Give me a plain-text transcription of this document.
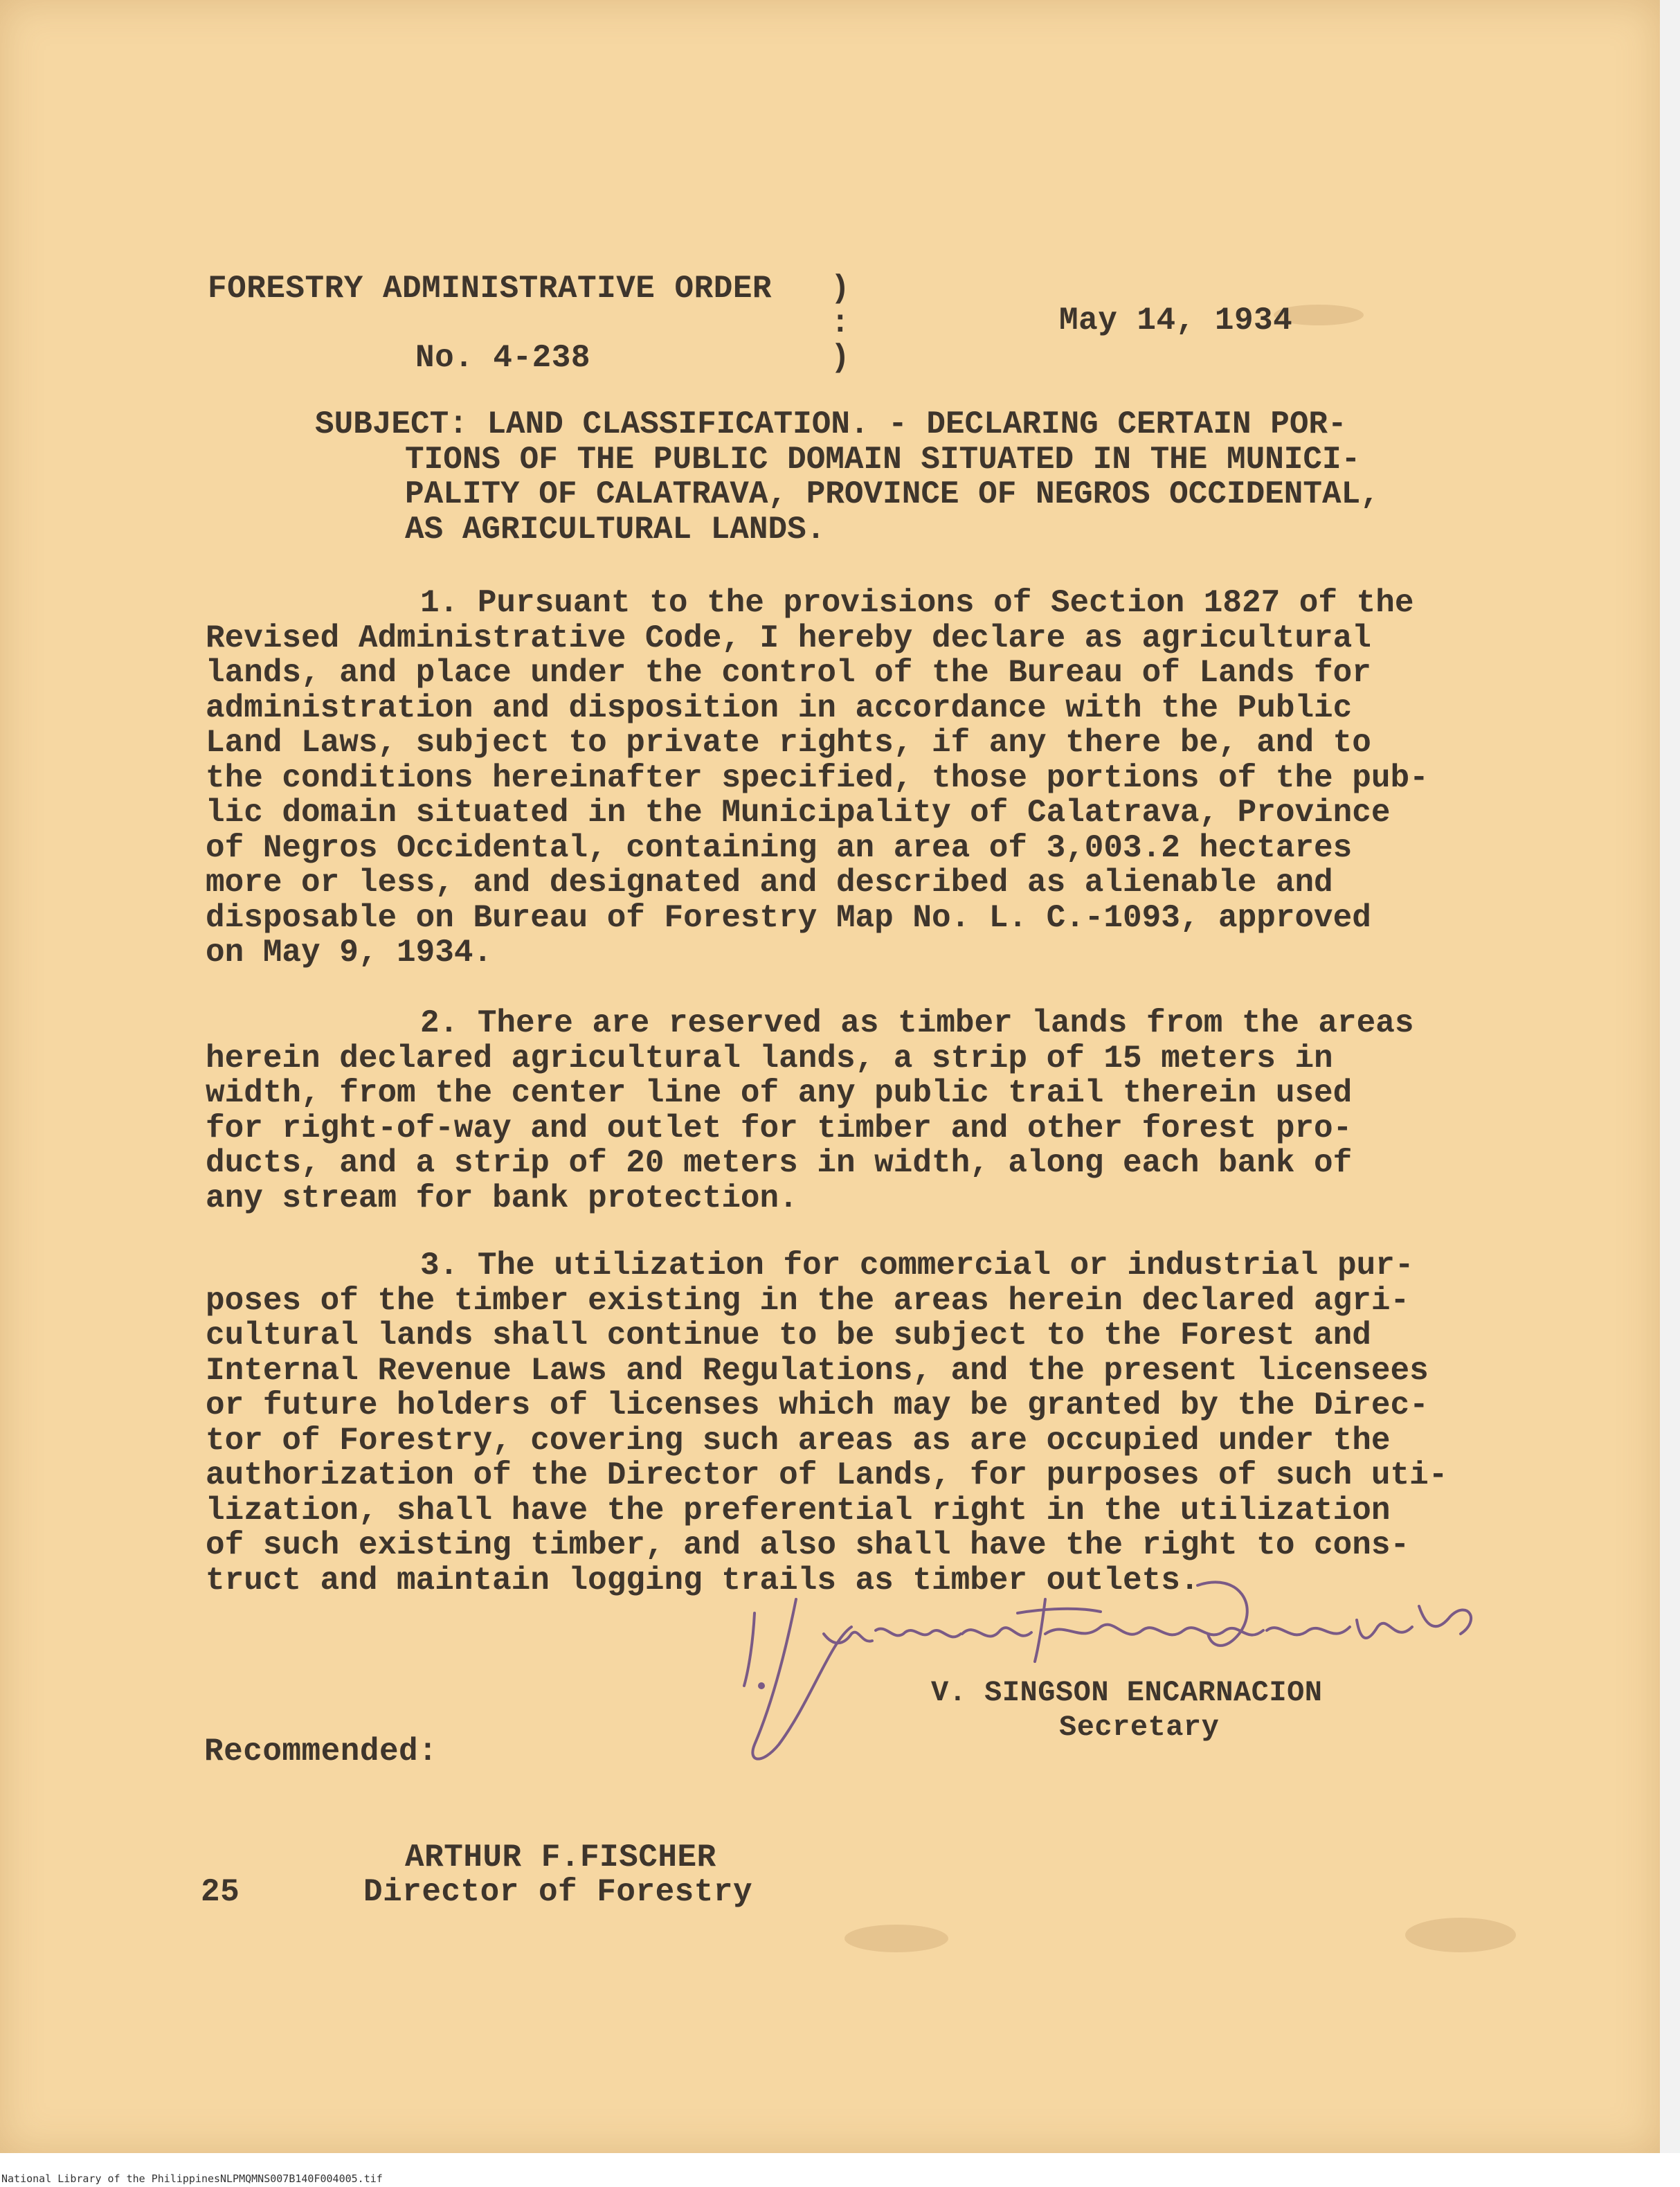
FORESTRY ADMINISTRATIVE ORDER )
:
)
No. 4-238
May 14, 1934
SUBJECT: LAND CLASSIFICATION. - DECLARING CERTAIN POR-
TIONS OF THE PUBLIC DOMAIN SITUATED IN THE MUNICI-
PALITY OF CALATRAVA, PROVINCE OF NEGROS OCCIDENTAL,
AS AGRICULTURAL LANDS.
1. Pursuant to the provisions of Section 1827 of the
Revised Administrative Code, I hereby declare as agricultural
lands, and place under the control of the Bureau of Lands for
administration and disposition in accordance with the Public
Land Laws, subject to private rights, if any there be, and to
the conditions hereinafter specified, those portions of the pub-
lic domain situated in the Municipality of Calatrava, Province
of Negros Occidental, containing an area of 3,003.2 hectares
more or less, and designated and described as alienable and
disposable on Bureau of Forestry Map No. L. C.-1093, approved
on May 9, 1934.
2. There are reserved as timber lands from the areas
herein declared agricultural lands, a strip of 15 meters in
width, from the center line of any public trail therein used
for right-of-way and outlet for timber and other forest pro-
ducts, and a strip of 20 meters in width, along each bank of
any stream for bank protection.
3. The utilization for commercial or industrial pur-
poses of the timber existing in the areas herein declared agri-
cultural lands shall continue to be subject to the Forest and
Internal Revenue Laws and Regulations, and the present licensees
or future holders of licenses which may be granted by the Direc-
tor of Forestry, covering such areas as are occupied under the
authorization of the Director of Lands, for purposes of such uti-
lization, shall have the preferential right in the utilization
of such existing timber, and also shall have the right to cons-
truct and maintain logging trails as timber outlets.
V. SINGSON ENCARNACION
Secretary
Recommended:
ARTHUR F.FISCHER
25	Director of Forestry
National Library of the Philippines NLPMQMNS007B140F004005.tif
